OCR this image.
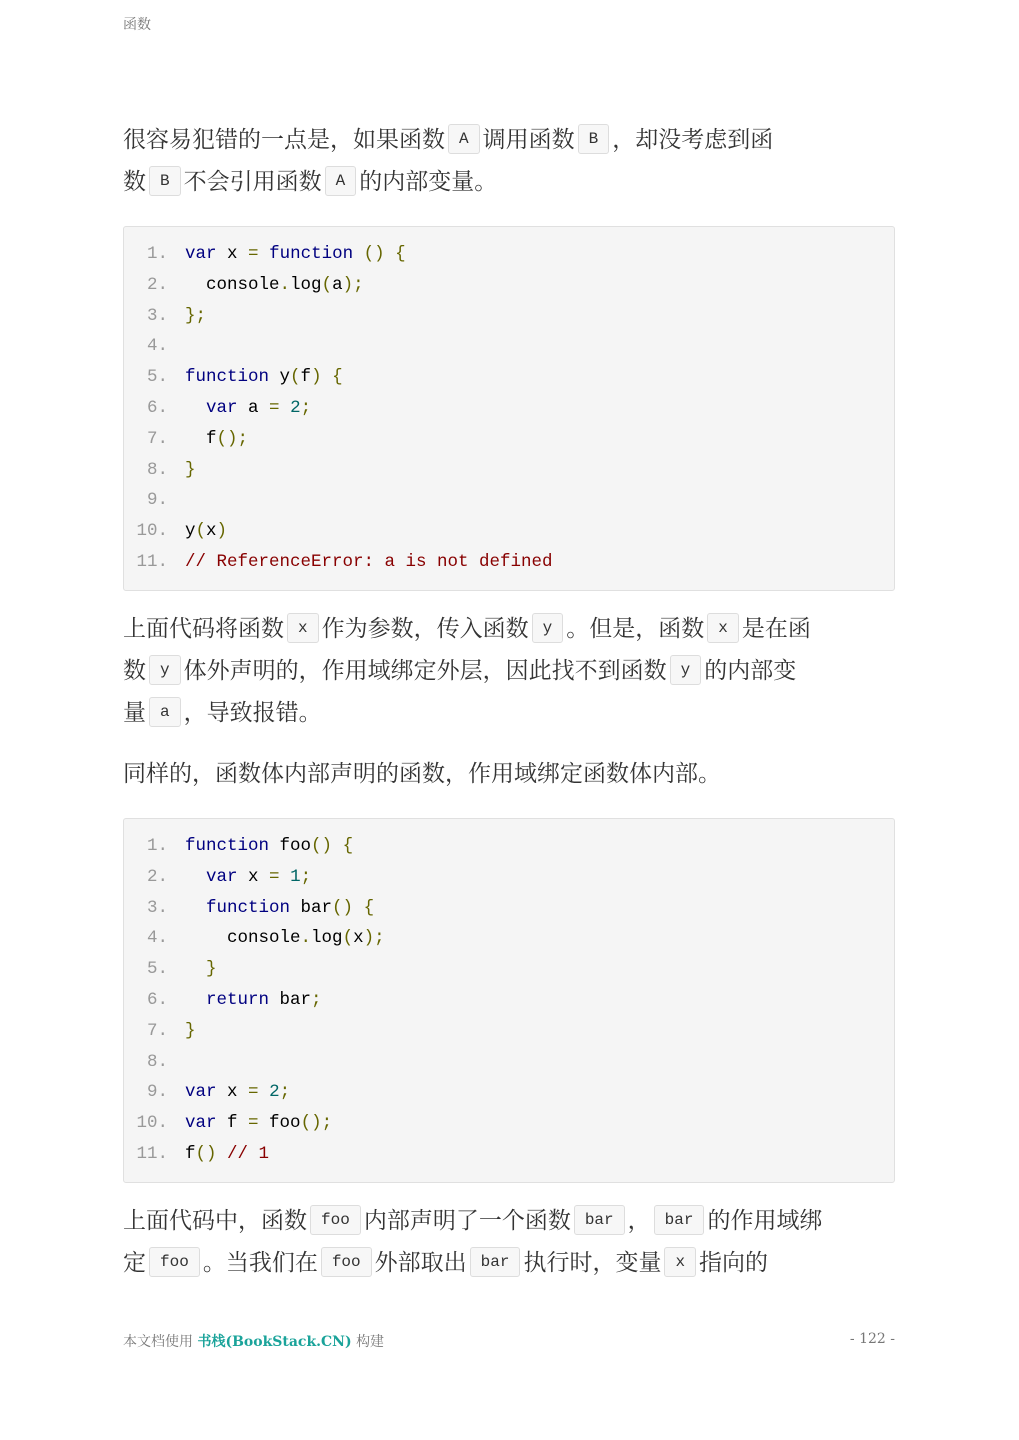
函数
很容易犯错的一点是，如果函数 A 调用函数 B ，却没考虑到函
数 B 不会引用函数 A 的内部变量。
1. var x = function () {
2. console.log(a);
3. };
4.
5. function y(f) {
6.	var a = 2;
7. f();
8. }
9.
10. y(x)
11. // ReferenceError: a is not defined
上面代码将函数 x 作为参数，传入函数 y 。但是，函数 x 是在函
数 y 体外声明的，作用域绑定外层，因此找不到函数 y 的内部变
量 a ，导致报错。
同样的，函数体内部声明的函数，作用域绑定函数体内部。
1. function foo() {
2.	var x = 1;
3.	function bar() {
4. console.log(x);
5.	}
6.	return bar;
7. }
8.
9. var x = 2;
10. var f = foo();
11. f() // 1
上面代码中，函数 foo 内部声明了一个函数 bar ， bar 的作用域绑
定 foo 。当我们在 foo 外部取出 bar 执行时，变量 x 指向的
本文档使用 书栈(BookStack.CN) 构建	- 122 -
